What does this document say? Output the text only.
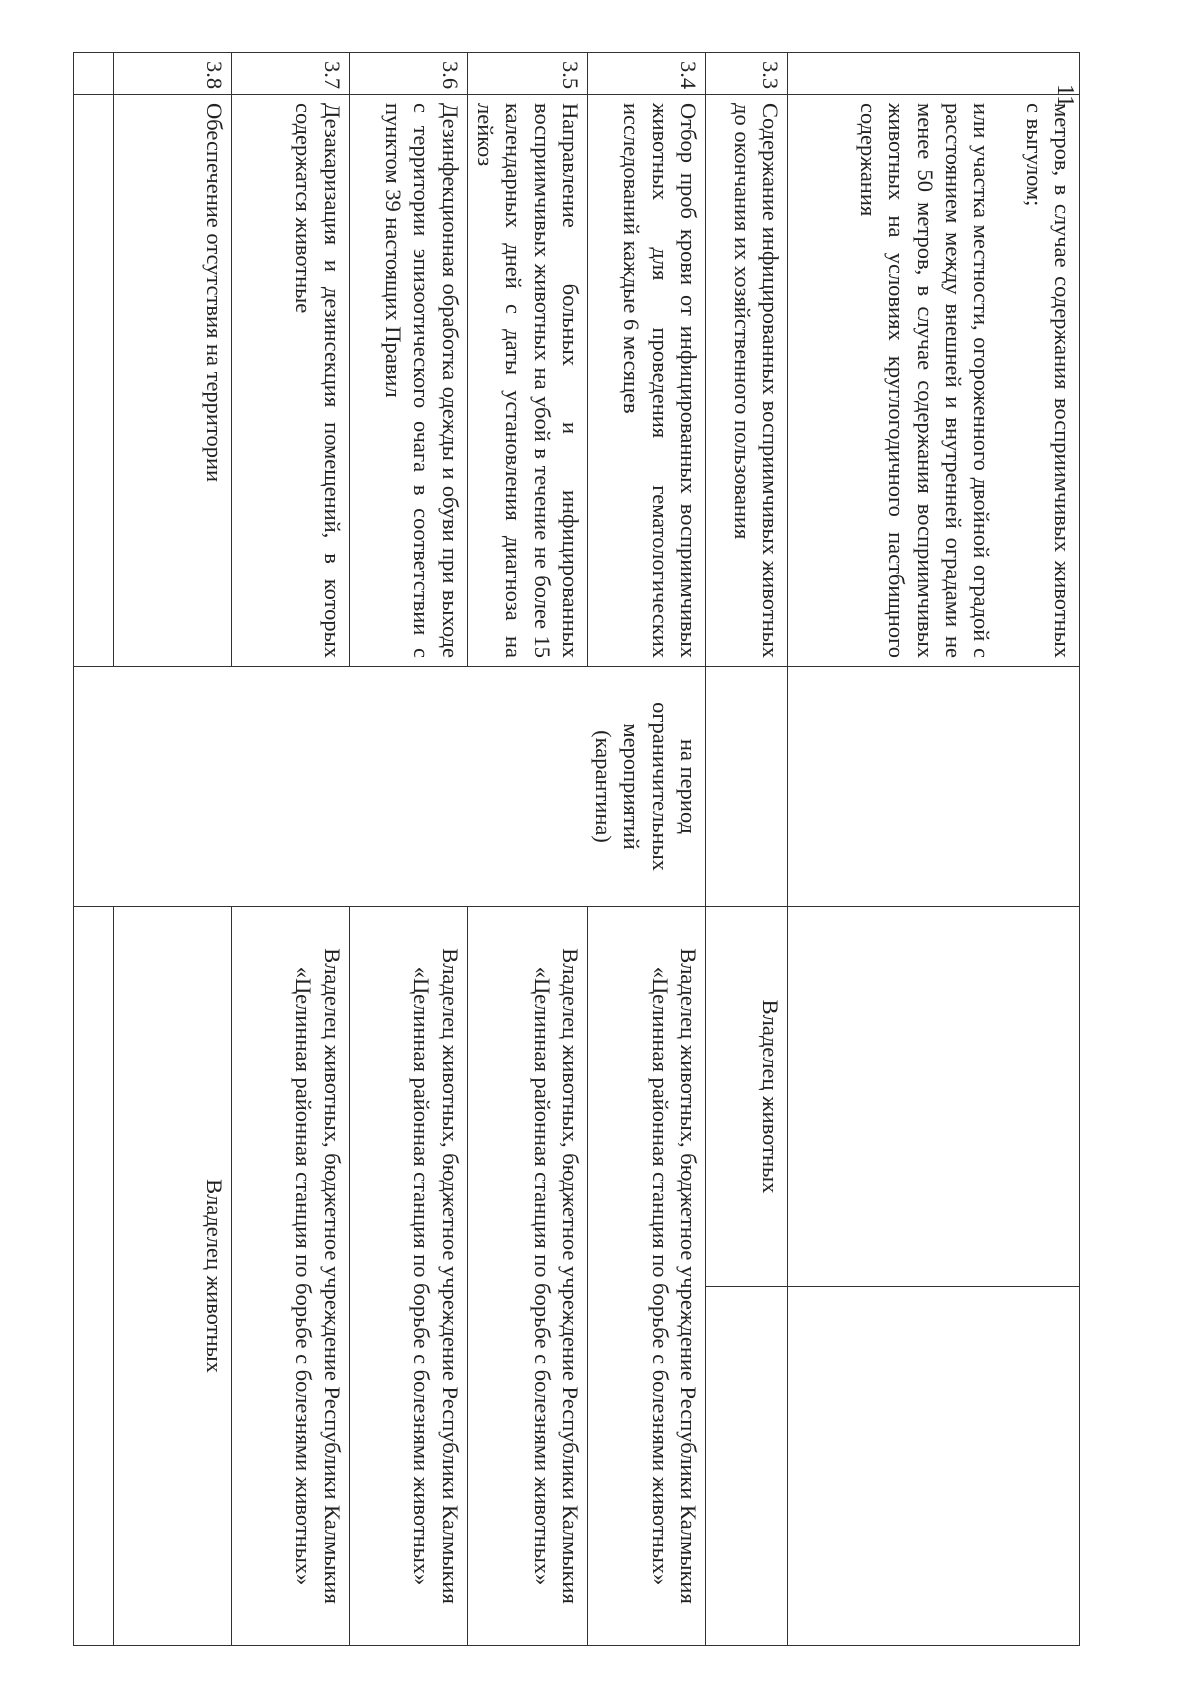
11

	метров, в случае содержания восприимчивых животных с выгулом;
или участка местности, огороженного двойной оградой с расстоянием между внешней и внутренней оградами не менее 50 метров, в случае содержания восприимчивых животных на условиях круглогодичного пастбищного содержания			

3.3	Содержание инфицированных восприимчивых животных до окончания их хозяйственного пользования		Владелец животных	
3.4	Отбор проб крови от инфицированных восприимчивых животных для проведения гематологических исследований каждые 6 месяцев	на период ограничительных мероприятий (карантина)	Владелец животных, бюджетное учреждение Республики Калмыкия «Целинная районная станция по борьбе с болезнями животных»	
3.5	Направление больных и инфицированных восприимчивых животных на убой в течение не более 15 календарных дней с даты установления диагноза на лейкоз		Владелец животных, бюджетное учреждение Республики Калмыкия «Целинная районная станция по борьбе с болезнями животных»	
3.6	Дезинфекционная обработка одежды и обуви при выходе с территории эпизоотического очага в соответствии с пунктом 39 настоящих Правил		Владелец животных, бюджетное учреждение Республики Калмыкия «Целинная районная станция по борьбе с болезнями животных»	
3.7	Дезакаризация и дезинсекция помещений, в которых содержатся животные		Владелец животных, бюджетное учреждение Республики Калмыкия «Целинная районная станция по борьбе с болезнями животных»	
3.8	Обеспечение отсутствия на территории		Владелец животных	
